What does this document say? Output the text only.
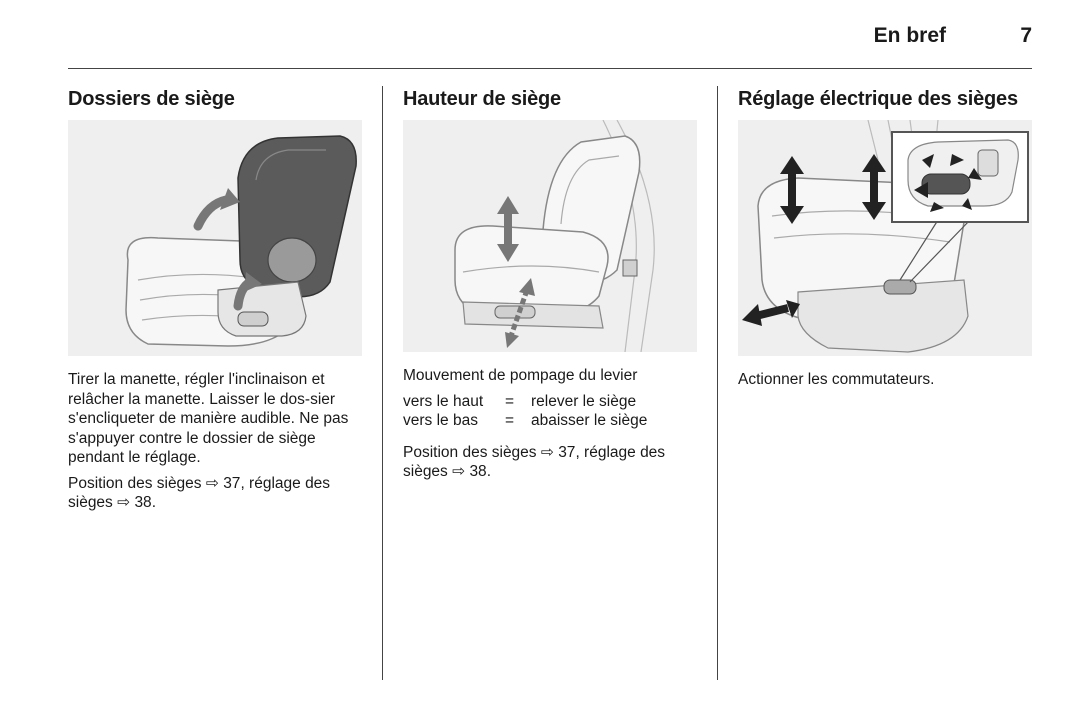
En bref	7
Dossiers de siège

Tirer la manette, régler l'inclinaison et relâcher la manette. Laisser le dos-sier s'encliqueter de manière audible. Ne pas s'appuyer contre le dossier de siège pendant le réglage.

Position des sièges ⇨ 37, réglage des sièges ⇨ 38.

Hauteur de siège

Mouvement de pompage du levier

vers le haut	=	relever le siège
vers le bas	=	abaisser le siège

Position des sièges ⇨ 37, réglage des sièges ⇨ 38.

Réglage électrique des sièges

Actionner les commutateurs.
